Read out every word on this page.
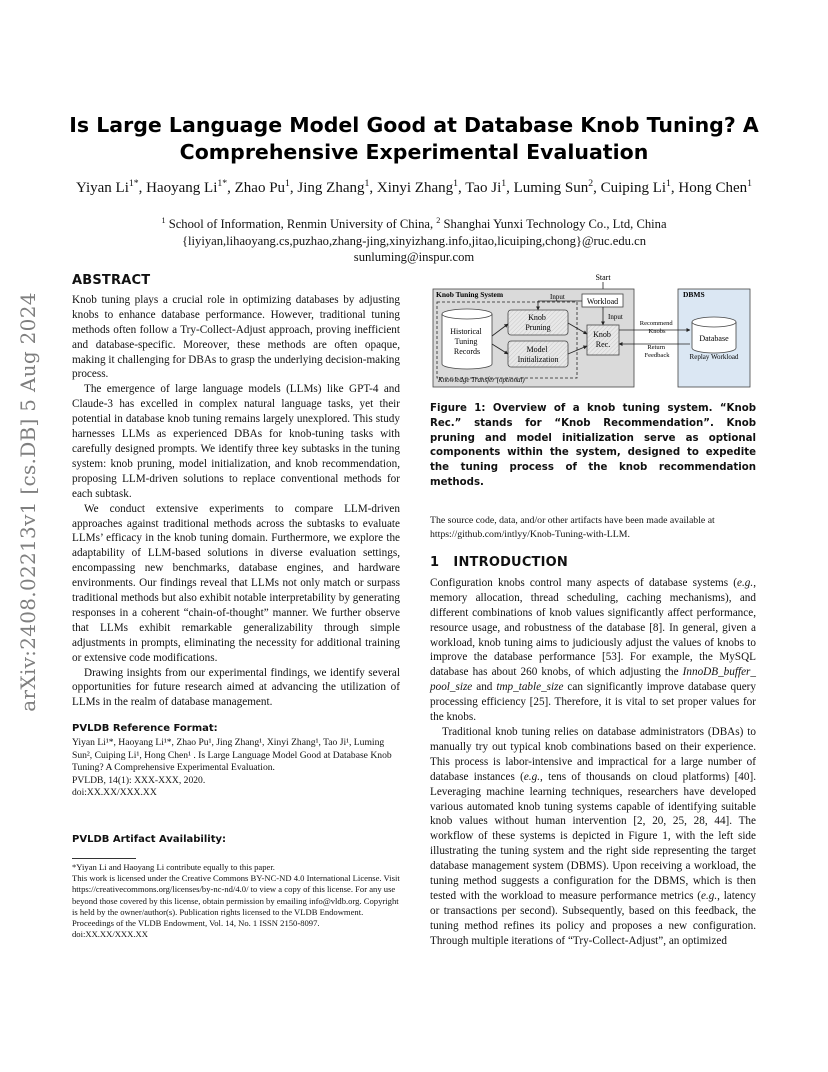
arXiv:2408.02213v1 [cs.DB] 5 Aug 2024
Is Large Language Model Good at Database Knob Tuning? A Comprehensive Experimental Evaluation
Yiyan $Li^{1*}$, Haoyang $Li^{1*}$, Zhao Pu$^1$, Jing Zhang$^1$, Xinyi Zhang$^1$, Tao Ji$^1$, Luming Sun$^2$, Cuiping Li$^1$, Hong Chen$^1$
$^1$ School of Information, Renmin University of China, $^2$ Shanghai Yunxi Technology Co., Ltd, China
{liyiyan,lihaoyang.cs,puzhao,zhang-jing,xinyizhang.info,jitao,licuiping,chong}@ruc.edu.cn
sunluming@inspur.com
ABSTRACT

Knob tuning plays a crucial role in optimizing databases by adjusting knobs to enhance database performance. However, traditional tuning methods often follow a Try-Collect-Adjust approach, proving inefficient and database-specific. Moreover, these methods are often opaque, making it challenging for DBAs to grasp the underlying decision-making process.

The emergence of large language models (LLMs) like GPT-4 and Claude-3 has excelled in complex natural language tasks, yet their potential in database knob tuning remains largely unexplored. This study harnesses LLMs as experienced DBAs for knob-tuning tasks with carefully designed prompts. We identify three key subtasks in the tuning system: knob pruning, model initialization, and knob recommendation, proposing LLM-driven solutions to replace conventional methods for each subtask.

We conduct extensive experiments to compare LLM-driven approaches against traditional methods across the subtasks to evaluate LLMs’ efficacy in the knob tuning domain. Furthermore, we explore the adaptability of LLM-based solutions in diverse evaluation settings, encompassing new benchmarks, database engines, and hardware environments. Our findings reveal that LLMs not only match or surpass traditional methods but also exhibit notable interpretability by generating responses in a coherent “chain-of-thought” manner. We further observe that LLMs exhibit remarkable generalizability through simple adjustments in prompts, eliminating the necessity for additional training or extensive code modifications.

Drawing insights from our experimental findings, we identify several opportunities for future research aimed at advancing the utilization of LLMs in the realm of database management.

PVLDB Reference Format:
Yiyan Li¹*, Haoyang Li¹*, Zhao Pu¹, Jing Zhang¹, Xinyi Zhang¹, Tao Ji¹, Luming Sun², Cuiping Li¹, Hong Chen¹ . Is Large Language Model Good at Database Knob Tuning? A Comprehensive Experimental Evaluation.
PVLDB, 14(1): XXX-XXX, 2020.
doi:XX.XX/XXX.XX
PVLDB Artifact Availability:
*Yiyan Li and Haoyang Li contribute equally to this paper.
This work is licensed under the Creative Commons BY-NC-ND 4.0 International License. Visit https://creativecommons.org/licenses/by-nc-nd/4.0/ to view a copy of this license. For any use beyond those covered by this license, obtain permission by emailing info@vldb.org. Copyright is held by the owner/author(s). Publication rights licensed to the VLDB Endowment.
Proceedings of the VLDB Endowment, Vol. 14, No. 1 ISSN 2150-8097.
doi:XX.XX/XXX.XX
Start
Knob Tuning System	DBMS
Historical Tuning Records
Knob Pruning
Model Initialization
Workload
Input
Input
Knob Rec.
Recommend Knobs
Return Feedback
Database
Replay Workload
Knowledge Transfer (optional)
Figure 1: Overview of a knob tuning system. “Knob Rec.” stands for “Knob Recommendation”. Knob pruning and model initialization serve as optional components within the system, designed to expedite the tuning process of the knob recommendation methods.
The source code, data, and/or other artifacts have been made available at https://github.com/intlyy/Knob-Tuning-with-LLM.
1   INTRODUCTION

Configuration knobs control many aspects of database systems (e.g., memory allocation, thread scheduling, caching mechanisms), and different combinations of knob values significantly affect performance, resource usage, and robustness of the database [8]. In general, given a workload, knob tuning aims to judiciously adjust the values of knobs to improve the database performance [53]. For example, the MySQL database has about 260 knobs, of which adjusting the InnoDB_buffer_ pool_size and tmp_table_size can significantly improve database query processing efficiency [25]. Therefore, it is vital to set proper values for the knobs.

Traditional knob tuning relies on database administrators (DBAs) to manually try out typical knob combinations based on their experience. This process is labor-intensive and impractical for a large number of database instances (e.g., tens of thousands on cloud platforms) [40]. Leveraging machine learning techniques, researchers have developed various automated knob tuning systems capable of identifying suitable knob values without human intervention [2, 20, 25, 28, 44]. The workflow of these systems is depicted in Figure 1, with the left side illustrating the tuning system and the right side representing the target database management system (DBMS). Upon receiving a workload, the tuning method suggests a configuration for the DBMS, which is then tested with the workload to measure performance metrics (e.g., latency or transactions per second). Subsequently, based on this feedback, the tuning method refines its policy and proposes a new configuration. Through multiple iterations of “Try-Collect-Adjust”, an optimized
